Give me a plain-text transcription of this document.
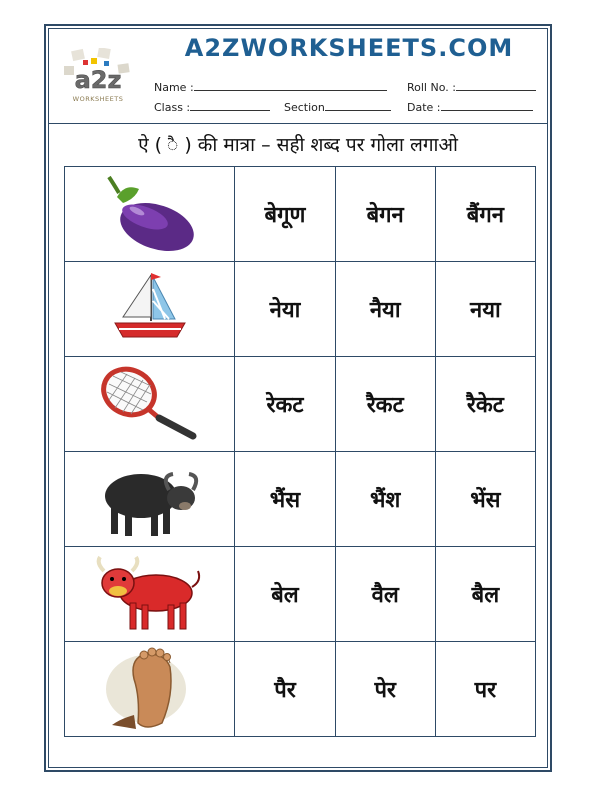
a2z
WORKSHEETS
A2ZWORKSHEETS.COM
Name :	Roll No. :
Class :	Section	Date :
ऐ ( ै ) की मात्रा – सही शब्द पर गोला लगाओ
	बेगूण	बेगन	बैंगन

	नेया	नैया	नया

	रेकट	रैकट	रैकेट

	भैंस	भैंश	भेंस

	बेल	वैल	बैल

	पैर	पेर	पर
